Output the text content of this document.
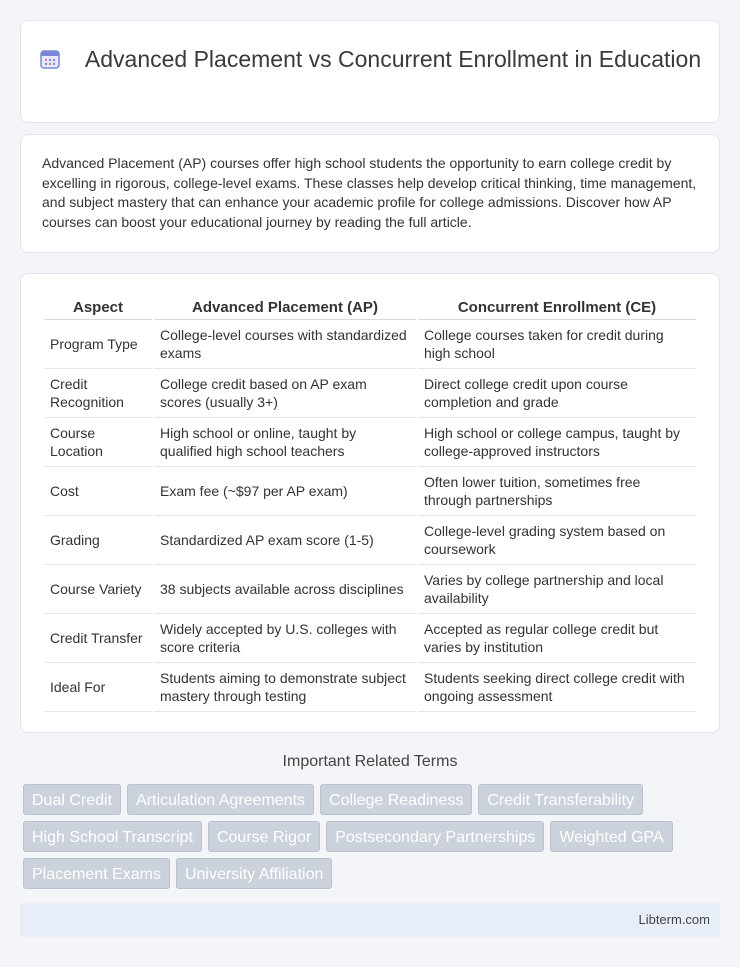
Advanced Placement vs Concurrent Enrollment in Education

Advanced Placement (AP) courses offer high school students the opportunity to earn college credit by excelling in rigorous, college-level exams. These classes help develop critical thinking, time management, and subject mastery that can enhance your academic profile for college admissions. Discover how AP courses can boost your educational journey by reading the full article.

Aspect	Advanced Placement (AP)	Concurrent Enrollment (CE)
Program Type	College-level courses with standardized exams	College courses taken for credit during high school
Credit Recognition	College credit based on AP exam scores (usually 3+)	Direct college credit upon course completion and grade
Course Location	High school or online, taught by qualified high school teachers	High school or college campus, taught by college-approved instructors
Cost	Exam fee (~$97 per AP exam)	Often lower tuition, sometimes free through partnerships
Grading	Standardized AP exam score (1-5)	College-level grading system based on coursework
Course Variety	38 subjects available across disciplines	Varies by college partnership and local availability
Credit Transfer	Widely accepted by U.S. colleges with score criteria	Accepted as regular college credit but varies by institution
Ideal For	Students aiming to demonstrate subject mastery through testing	Students seeking direct college credit with ongoing assessment
Important Related Terms
Dual Credit	Articulation Agreements	College Readiness	Credit Transferability
High School Transcript	Course Rigor	Postsecondary Partnerships	Weighted GPA
Placement Exams	University Affiliation
Libterm.com
